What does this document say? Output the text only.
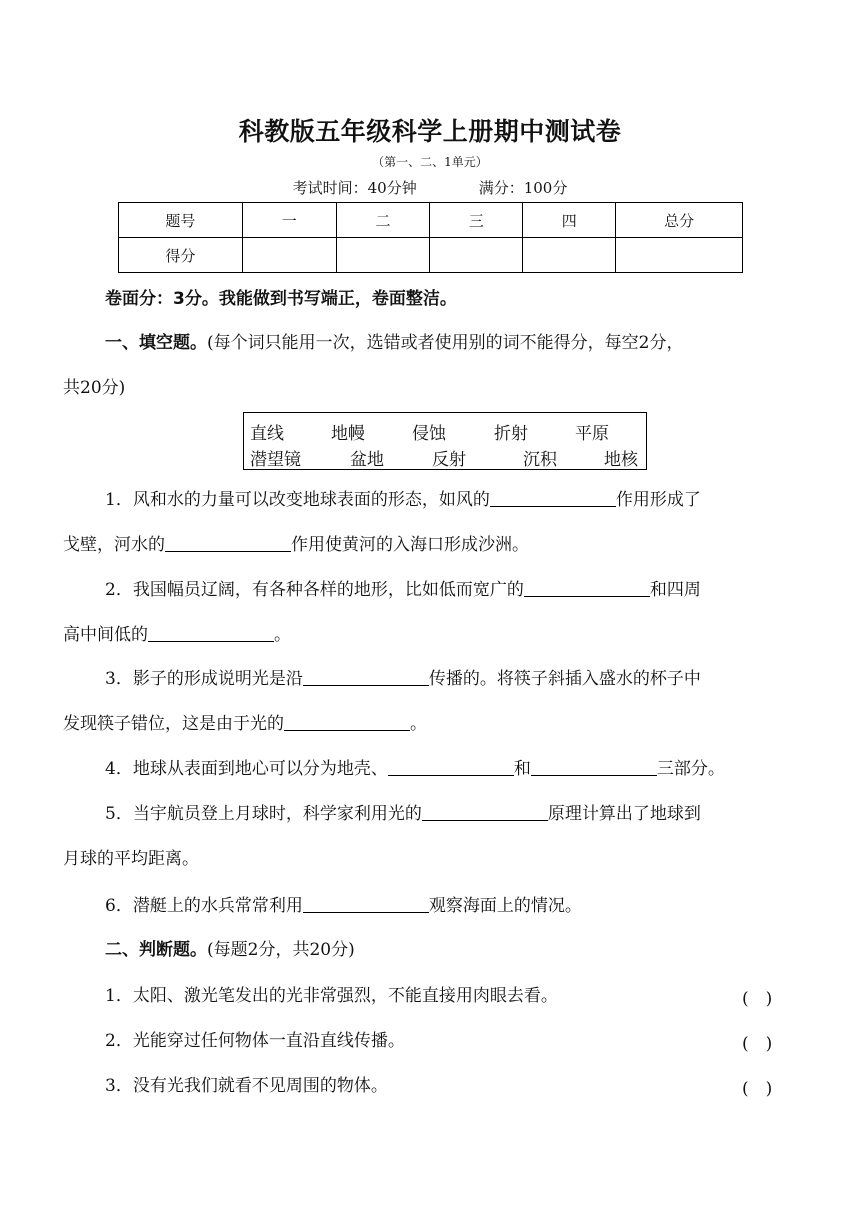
科教版五年级科学上册期中测试卷
（第一、二、1单元）
考试时间：40分钟	满分：100分
题号	一	二	三	四	总分
得分					
卷面分：3分。我能做到书写端正，卷面整洁。
一、填空题。(每个词只能用一次，选错或者使用别的词不能得分，每空2分，
共20分)
直线	地幔	侵蚀	折射	平原
潜望镜	盆地	反射	沉积	地核
1．风和水的力量可以改变地球表面的形态，如风的	作用形成了
戈壁，河水的	作用使黄河的入海口形成沙洲。
2．我国幅员辽阔，有各种各样的地形，比如低而宽广的	和四周
高中间低的	。
3．影子的形成说明光是沿	传播的。将筷子斜插入盛水的杯子中
发现筷子错位，这是由于光的	。
4．地球从表面到地心可以分为地壳、	和	三部分。
5．当宇航员登上月球时，科学家利用光的	原理计算出了地球到
月球的平均距离。
6．潜艇上的水兵常常利用	观察海面上的情况。
二、判断题。(每题2分，共20分)
1．太阳、激光笔发出的光非常强烈，不能直接用肉眼去看。	(　)
2．光能穿过任何物体一直沿直线传播。	(　)
3．没有光我们就看不见周围的物体。	(　)
